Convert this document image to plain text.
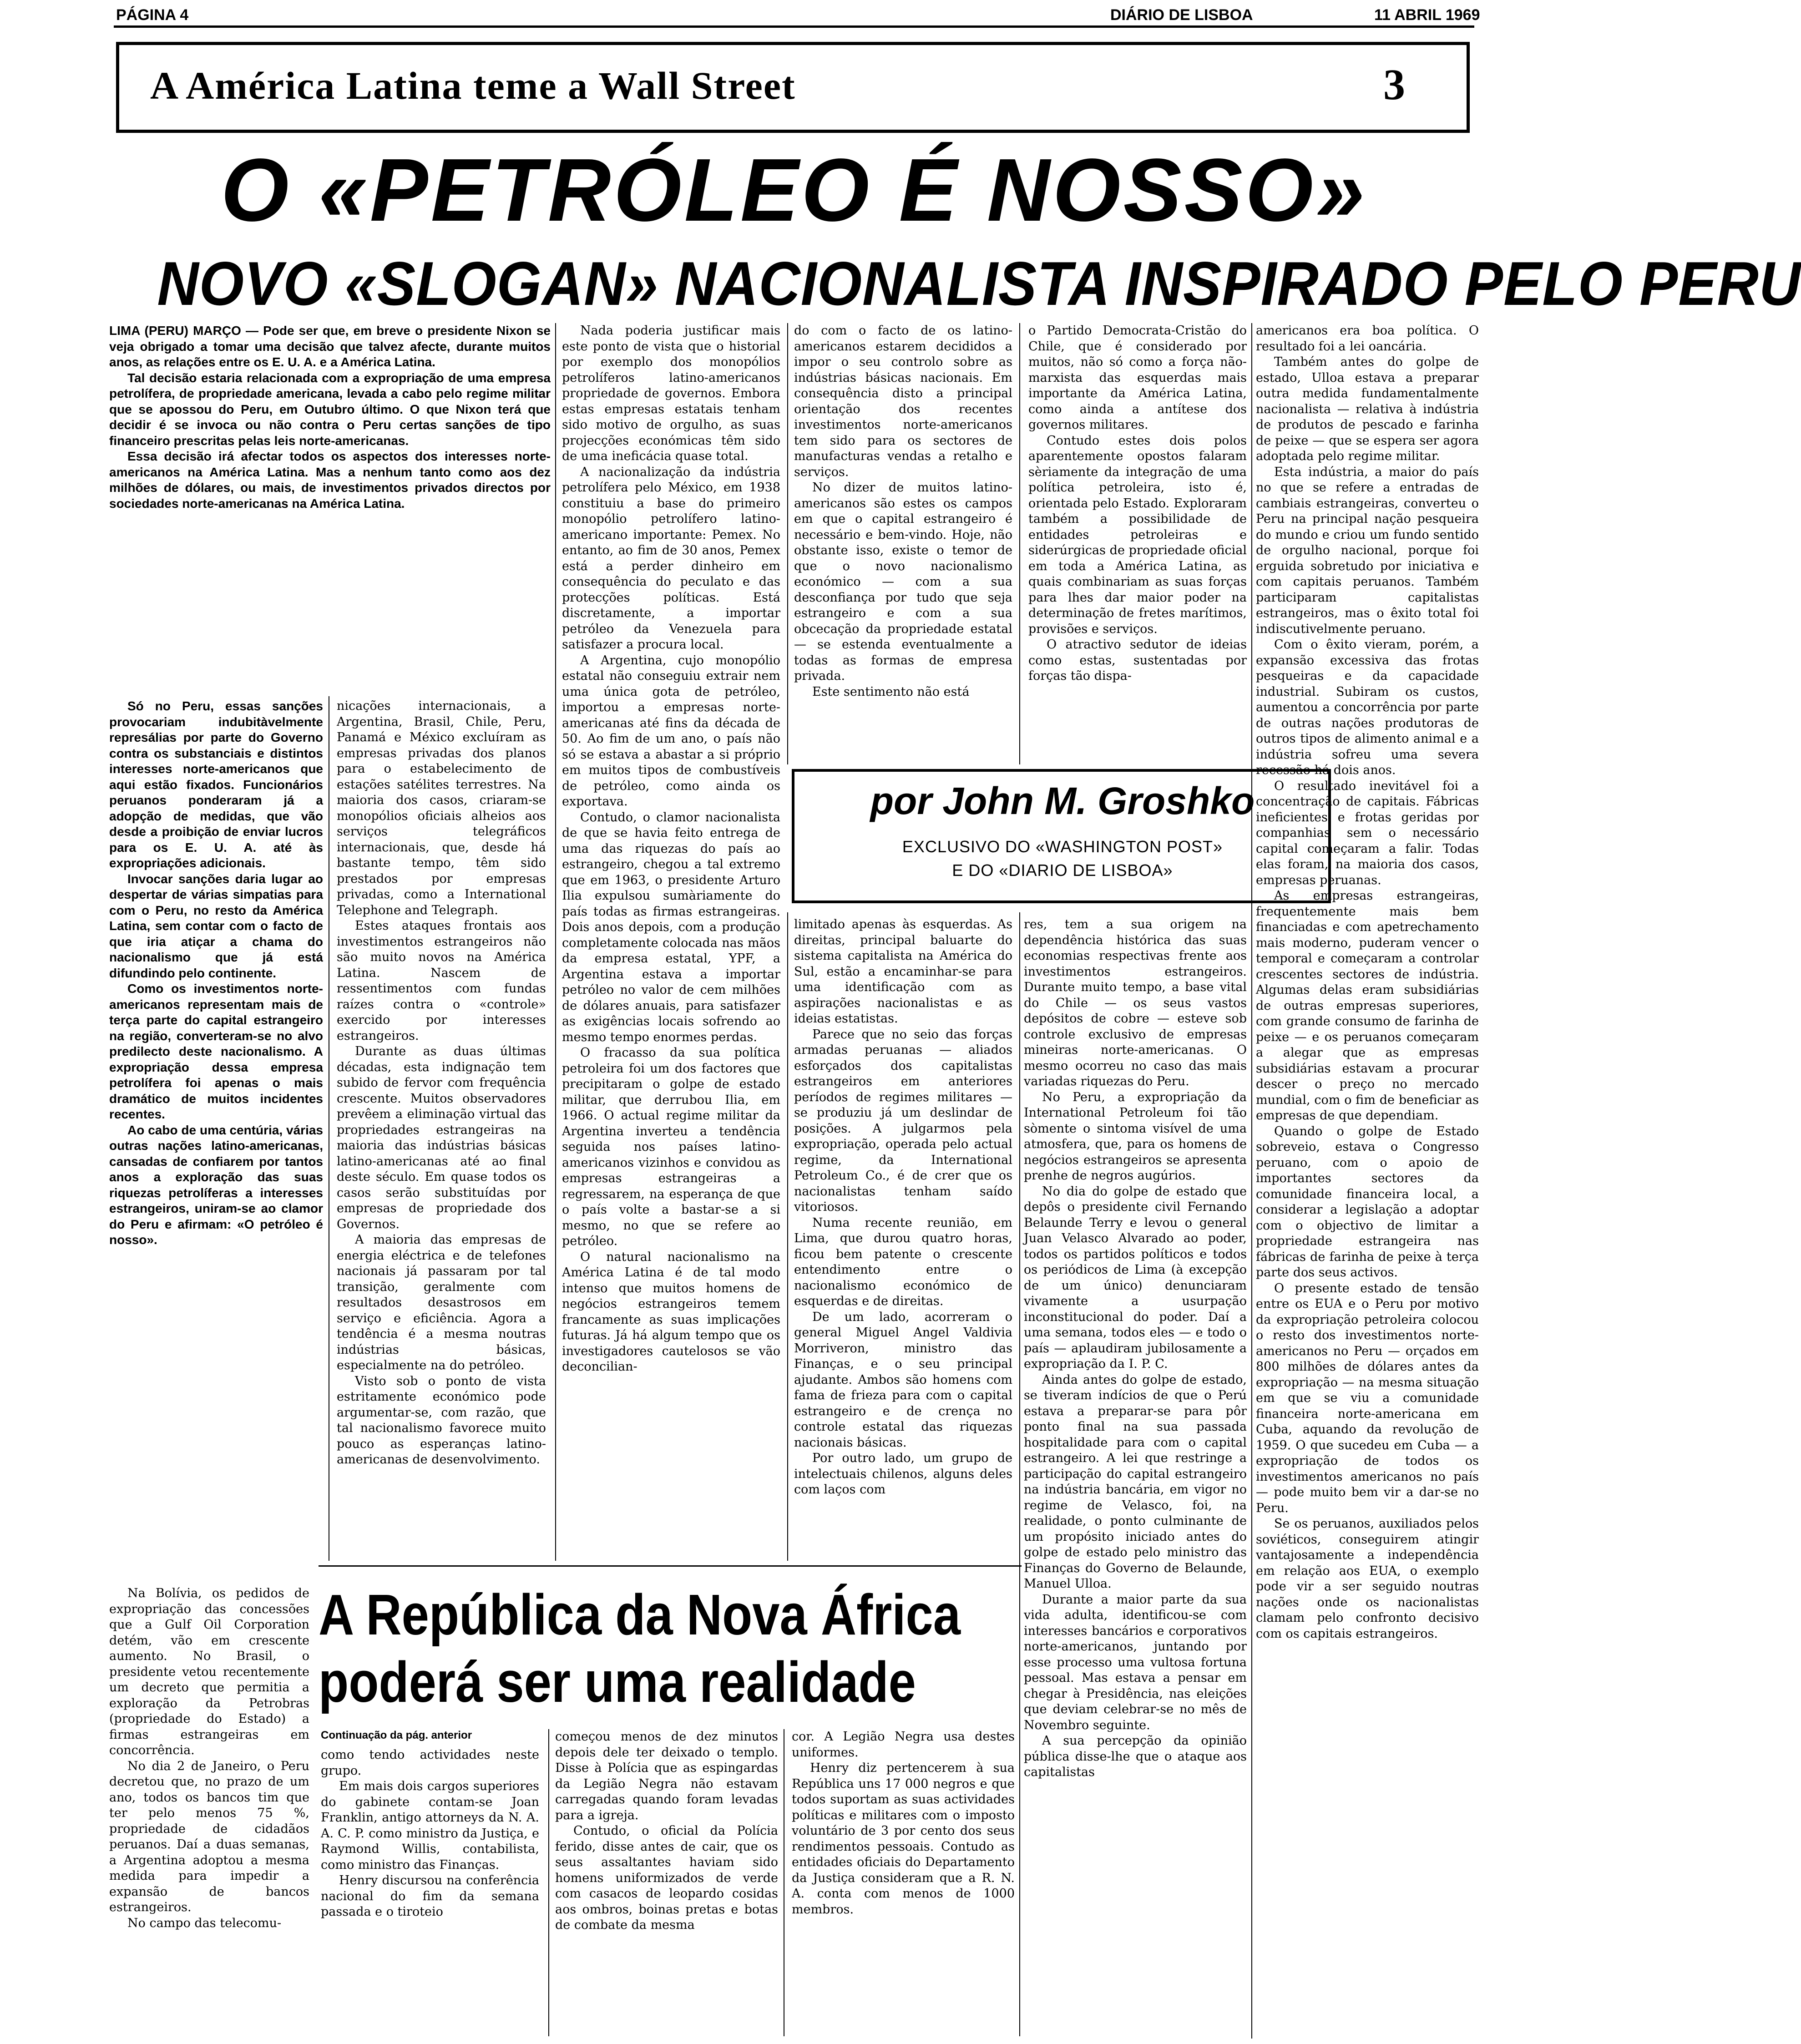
PÁGINA 4	DIÁRIO DE LISBOA	11 ABRIL 1969
A América Latina teme a Wall Street	3
O «PETRÓLEO É NOSSO»
NOVO «SLOGAN» NACIONALISTA INSPIRADO PELO PERU

LIMA (PERU) MARÇO — Pode ser que, em breve o presidente Nixon se veja obrigado a tomar uma decisão que talvez afecte, durante muitos anos, as relações entre os E. U. A. e a América Latina.

Tal decisão estaria relacionada com a expropriação de uma empresa petrolífera, de propriedade americana, levada a cabo pelo regime militar que se apossou do Peru, em Outubro último. O que Nixon terá que decidir é se invoca ou não contra o Peru certas sanções de tipo financeiro prescritas pelas leis norte-americanas.

Essa decisão irá afectar todos os aspectos dos interesses norte-americanos na América Latina. Mas a nenhum tanto como aos dez milhões de dólares, ou mais, de investimentos privados directos por sociedades norte-americanas na América Latina.

Só no Peru, essas sanções provocariam indubitàvelmente represálias por parte do Governo contra os substanciais e distintos interesses norte-americanos que aqui estão fixados. Funcionários peruanos ponderaram já a adopção de medidas, que vão desde a proibição de enviar lucros para os E. U. A. até às expropriações adicionais.

Invocar sanções daria lugar ao despertar de várias simpatias para com o Peru, no resto da América Latina, sem contar com o facto de que iria atiçar a chama do nacionalismo que já está difundindo pelo continente.

Como os investimentos norte-americanos representam mais de terça parte do capital estrangeiro na região, converteram-se no alvo predilecto deste nacionalismo. A expropriação dessa empresa petrolífera foi apenas o mais dramático de muitos incidentes recentes.

Ao cabo de uma centúria, várias outras nações latino-americanas, cansadas de confiarem por tantos anos a exploração das suas riquezas petrolíferas a interesses estrangeiros, uniram-se ao clamor do Peru e afirmam: «O petróleo é nosso».

Na Bolívia, os pedidos de expropriação das concessões que a Gulf Oil Corporation detém, vão em crescente aumento. No Brasil, o presidente vetou recentemente um decreto que permitia a exploração da Petrobras (propriedade do Estado) a firmas estrangeiras em concorrência.

No dia 2 de Janeiro, o Peru decretou que, no prazo de um ano, todos os bancos tim que ter pelo menos 75 %, propriedade de cidadãos peruanos. Daí a duas semanas, a Argentina adoptou a mesma medida para impedir a expansão de bancos estrangeiros.

No campo das telecomu-

nicações internacionais, a Argentina, Brasil, Chile, Peru, Panamá e México excluíram as empresas privadas dos planos para o estabelecimento de estações satélites terrestres. Na maioria dos casos, criaram-se monopólios oficiais alheios aos serviços telegráficos internacionais, que, desde há bastante tempo, têm sido prestados por empresas privadas, como a International Telephone and Telegraph.

Estes ataques frontais aos investimentos estrangeiros não são muito novos na América Latina. Nascem de ressentimentos com fundas raízes contra o «controle» exercido por interesses estrangeiros.

Durante as duas últimas décadas, esta indignação tem subido de fervor com frequência crescente. Muitos observadores prevêem a eliminação virtual das propriedades estrangeiras na maioria das indústrias básicas latino-americanas até ao final deste século. Em quase todos os casos serão substituídas por empresas de propriedade dos Governos.

A maioria das empresas de energia eléctrica e de telefones nacionais já passaram por tal transição, geralmente com resultados desastrosos em serviço e eficiência. Agora a tendência é a mesma noutras indústrias básicas, especialmente na do petróleo.

Visto sob o ponto de vista estritamente económico pode argumentar-se, com razão, que tal nacionalismo favorece muito pouco as esperanças latino-americanas de desenvolvimento.

Nada poderia justificar mais este ponto de vista que o historial por exemplo dos monopólios petrolíferos latino-americanos propriedade de governos. Embora estas empresas estatais tenham sido motivo de orgulho, as suas projecções económicas têm sido de uma ineficácia quase total.

A nacionalização da indústria petrolífera pelo México, em 1938 constituiu a base do primeiro monopólio petrolífero latino-americano importante: Pemex. No entanto, ao fim de 30 anos, Pemex está a perder dinheiro em consequência do peculato e das protecções políticas. Está discretamente, a importar petróleo da Venezuela para satisfazer a procura local.

A Argentina, cujo monopólio estatal não conseguiu extrair nem uma única gota de petróleo, importou a empresas norte-americanas até fins da década de 50. Ao fim de um ano, o país não só se estava a abastar a si próprio em muitos tipos de combustíveis de petróleo, como ainda os exportava.

Contudo, o clamor nacionalista de que se havia feito entrega de uma das riquezas do país ao estrangeiro, chegou a tal extremo que em 1963, o presidente Arturo Ilia expulsou sumàriamente do país todas as firmas estrangeiras. Dois anos depois, com a produção completamente colocada nas mãos da empresa estatal, YPF, a Argentina estava a importar petróleo no valor de cem milhões de dólares anuais, para satisfazer as exigências locais sofrendo ao mesmo tempo enormes perdas.

O fracasso da sua política petroleira foi um dos factores que precipitaram o golpe de estado militar, que derrubou Ilia, em 1966. O actual regime militar da Argentina inverteu a tendência seguida nos países latino-americanos vizinhos e convidou as empresas estrangeiras a regressarem, na esperança de que o país volte a bastar-se a si mesmo, no que se refere ao petróleo.

O natural nacionalismo na América Latina é de tal modo intenso que muitos homens de negócios estrangeiros temem francamente as suas implicações futuras. Já há algum tempo que os investigadores cautelosos se vão deconcilian-

do com o facto de os latino-americanos estarem decididos a impor o seu controlo sobre as indústrias básicas nacionais. Em consequência disto a principal orientação dos recentes investimentos norte-americanos tem sido para os sectores de manufacturas vendas a retalho e serviços.

No dizer de muitos latino-americanos são estes os campos em que o capital estrangeiro é necessário e bem-vindo. Hoje, não obstante isso, existe o temor de que o novo nacionalismo económico — com a sua desconfiança por tudo que seja estrangeiro e com a sua obcecação da propriedade estatal — se estenda eventualmente a todas as formas de empresa privada.

Este sentimento não está

o Partido Democrata-Cristão do Chile, que é considerado por muitos, não só como a força não-marxista das esquerdas mais importante da América Latina, como ainda a antítese dos governos militares.

Contudo estes dois polos aparentemente opostos falaram sèriamente da integração de uma política petroleira, isto é, orientada pelo Estado. Exploraram também a possibilidade de entidades petroleiras e siderúrgicas de propriedade oficial em toda a América Latina, as quais combinariam as suas forças para lhes dar maior poder na determinação de fretes marítimos, provisões e serviços.

O atractivo sedutor de ideias como estas, sustentadas por forças tão dispa-

por John M. Groshko
EXCLUSIVO DO «WASHINGTON POST»
E DO «DIARIO DE LISBOA»

limitado apenas às esquerdas. As direitas, principal baluarte do sistema capitalista na América do Sul, estão a encaminhar-se para uma identificação com as aspirações nacionalistas e as ideias estatistas.

Parece que no seio das forças armadas peruanas — aliados esforçados dos capitalistas estrangeiros em anteriores períodos de regimes militares — se produziu já um deslindar de posições. A julgarmos pela expropriação, operada pelo actual regime, da International Petroleum Co., é de crer que os nacionalistas tenham saído vitoriosos.

Numa recente reunião, em Lima, que durou quatro horas, ficou bem patente o crescente entendimento entre o nacionalismo económico de esquerdas e de direitas.

De um lado, acorreram o general Miguel Angel Valdivia Morriveron, ministro das Finanças, e o seu principal ajudante. Ambos são homens com fama de frieza para com o capital estrangeiro e de crença no controle estatal das riquezas nacionais básicas.

Por outro lado, um grupo de intelectuais chilenos, alguns deles com laços com

res, tem a sua origem na dependência histórica das suas economias respectivas frente aos investimentos estrangeiros. Durante muito tempo, a base vital do Chile — os seus vastos depósitos de cobre — esteve sob controle exclusivo de empresas mineiras norte-americanas. O mesmo ocorreu no caso das mais variadas riquezas do Peru.

No Peru, a expropriação da International Petroleum foi tão sòmente o sintoma visível de uma atmosfera, que, para os homens de negócios estrangeiros se apresenta prenhe de negros augúrios.

No dia do golpe de estado que depôs o presidente civil Fernando Belaunde Terry e levou o general Juan Velasco Alvarado ao poder, todos os partidos políticos e todos os periódicos de Lima (à excepção de um único) denunciaram vivamente a usurpação inconstitucional do poder. Daí a uma semana, todos eles — e todo o país — aplaudiram jubilosamente a expropriação da I. P. C.

Ainda antes do golpe de estado, se tiveram indícios de que o Perú estava a preparar-se para pôr ponto final na sua passada hospitalidade para com o capital estrangeiro. A lei que restringe a participação do capital estrangeiro na indústria bancária, em vigor no regime de Velasco, foi, na realidade, o ponto culminante de um propósito iniciado antes do golpe de estado pelo ministro das Finanças do Governo de Belaunde, Manuel Ulloa.

Durante a maior parte da sua vida adulta, identificou-se com interesses bancários e corporativos norte-americanos, juntando por esse processo uma vultosa fortuna pessoal. Mas estava a pensar em chegar à Presidência, nas eleições que deviam celebrar-se no mês de Novembro seguinte.

A sua percepção da opinião pública disse-lhe que o ataque aos capitalistas

americanos era boa política. O resultado foi a lei oancária.

Também antes do golpe de estado, Ulloa estava a preparar outra medida fundamentalmente nacionalista — relativa à indústria de produtos de pescado e farinha de peixe — que se espera ser agora adoptada pelo regime militar.

Esta indústria, a maior do país no que se refere a entradas de cambiais estrangeiras, converteu o Peru na principal nação pesqueira do mundo e criou um fundo sentido de orgulho nacional, porque foi erguida sobretudo por iniciativa e com capitais peruanos. Também participaram capitalistas estrangeiros, mas o êxito total foi indiscutivelmente peruano.

Com o êxito vieram, porém, a expansão excessiva das frotas pesqueiras e da capacidade industrial. Subiram os custos, aumentou a concorrência por parte de outras nações produtoras de outros tipos de alimento animal e a indústria sofreu uma severa recessão há dois anos.

O resultado inevitável foi a concentração de capitais. Fábricas ineficientes e frotas geridas por companhias sem o necessário capital começaram a falir. Todas elas foram, na maioria dos casos, empresas peruanas.

As empresas estrangeiras, frequentemente mais bem financiadas e com apetrechamento mais moderno, puderam vencer o temporal e começaram a controlar crescentes sectores de indústria. Algumas delas eram subsidiárias de outras empresas superiores, com grande consumo de farinha de peixe — e os peruanos começaram a alegar que as empresas subsidiárias estavam a procurar descer o preço no mercado mundial, com o fim de beneficiar as empresas de que dependiam.

Quando o golpe de Estado sobreveio, estava o Congresso peruano, com o apoio de importantes sectores da comunidade financeira local, a considerar a legislação a adoptar com o objectivo de limitar a propriedade estrangeira nas fábricas de farinha de peixe à terça parte dos seus activos.

O presente estado de tensão entre os EUA e o Peru por motivo da expropriação petroleira colocou o resto dos investimentos norte-americanos no Peru — orçados em 800 milhões de dólares antes da expropriação — na mesma situação em que se viu a comunidade financeira norte-americana em Cuba, aquando da revolução de 1959. O que sucedeu em Cuba — a expropriação de todos os investimentos americanos no país — pode muito bem vir a dar-se no Peru.

Se os peruanos, auxiliados pelos soviéticos, conseguirem atingir vantajosamente a independência em relação aos EUA, o exemplo pode vir a ser seguido noutras nações onde os nacionalistas clamam pelo confronto decisivo com os capitais estrangeiros.

A República da Nova África
poderá ser uma realidade
Continuação da pág. anterior

como tendo actividades neste grupo.

Em mais dois cargos superiores do gabinete contam-se Joan Franklin, antigo attorneys da N. A. A. C. P. como ministro da Justiça, e Raymond Willis, contabilista, como ministro das Finanças.

Henry discursou na conferência nacional do fim da semana passada e o tiroteio

começou menos de dez minutos depois dele ter deixado o templo. Disse à Polícia que as espingardas da Legião Negra não estavam carregadas quando foram levadas para a igreja.

Contudo, o oficial da Polícia ferido, disse antes de cair, que os seus assaltantes haviam sido homens uniformizados de verde com casacos de leopardo cosidas aos ombros, boinas pretas e botas de combate da mesma

cor. A Legião Negra usa destes uniformes.

Henry diz pertencerem à sua República uns 17 000 negros e que todos suportam as suas actividades políticas e militares com o imposto voluntário de 3 por cento dos seus rendimentos pessoais. Contudo as entidades oficiais do Departamento da Justiça consideram que a R. N. A. conta com menos de 1000 membros.
